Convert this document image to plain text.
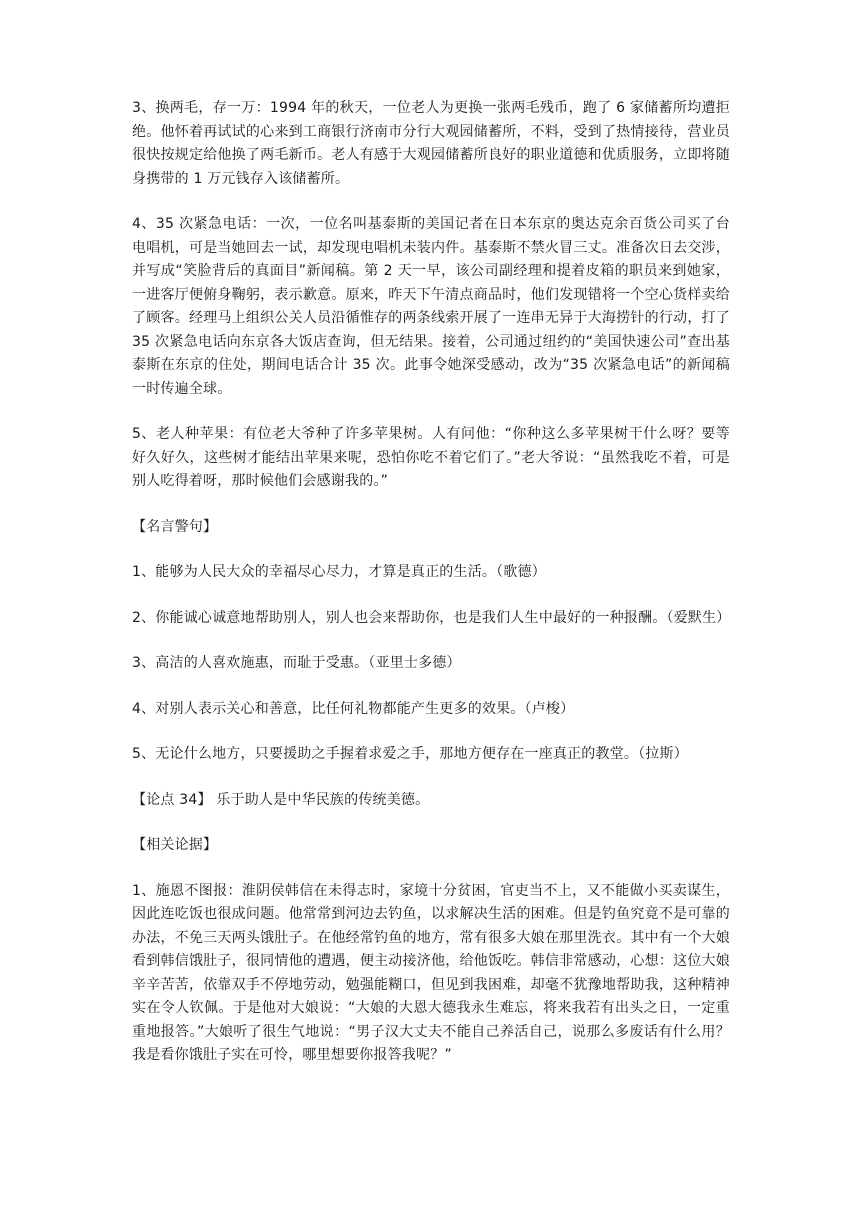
3、换两毛，存一万：1994 年的秋天，一位老人为更换一张两毛残币，跑了 6 家储蓄所均遭拒绝。他怀着再试试的心来到工商银行济南市分行大观园储蓄所，不料，受到了热情接待，营业员很快按规定给他换了两毛新币。老人有感于大观园储蓄所良好的职业道德和优质服务，立即将随身携带的 1 万元钱存入该储蓄所。

4、35 次紧急电话：一次，一位名叫基泰斯的美国记者在日本东京的奥达克余百货公司买了台电唱机，可是当她回去一试，却发现电唱机未装内件。基泰斯不禁火冒三丈。准备次日去交涉，并写成“笑脸背后的真面目”新闻稿。第 2 天一早，该公司副经理和提着皮箱的职员来到她家，一进客厅便俯身鞠躬，表示歉意。原来，昨天下午清点商品时，他们发现错将一个空心货样卖给了顾客。经理马上组织公关人员沿循惟存的两条线索开展了一连串无异于大海捞针的行动，打了 35 次紧急电话向东京各大饭店查询，但无结果。接着，公司通过纽约的“美国快速公司”查出基泰斯在东京的住处，期间电话合计 35 次。此事令她深受感动，改为“35 次紧急电话”的新闻稿一时传遍全球。

5、老人种苹果：有位老大爷种了许多苹果树。人有问他：“你种这么多苹果树干什么呀？要等好久好久，这些树才能结出苹果来呢，恐怕你吃不着它们了。”老大爷说：“虽然我吃不着，可是别人吃得着呀，那时候他们会感谢我的。”

【名言警句】

1、能够为人民大众的幸福尽心尽力，才算是真正的生活。（歌德）

2、你能诚心诚意地帮助別人，别人也会来帮助你，也是我们人生中最好的一种报酬。（爱默生）

3、高洁的人喜欢施惠，而耻于受惠。（亚里士多德）

4、对别人表示关心和善意，比任何礼物都能产生更多的效果。（卢梭）

5、无论什么地方，只要援助之手握着求爱之手，那地方便存在一座真正的教堂。（拉斯）

【论点 34】 乐于助人是中华民族的传统美德。

【相关论据】

1、施恩不图报：淮阴侯韩信在未得志时，家境十分贫困，官吏当不上，又不能做小买卖谋生，因此连吃饭也很成问题。他常常到河边去钓鱼，以求解决生活的困难。但是钓鱼究竟不是可靠的办法，不免三天两头饿肚子。在他经常钓鱼的地方，常有很多大娘在那里洗衣。其中有一个大娘看到韩信饿肚子，很同情他的遭遇，便主动接济他，给他饭吃。韩信非常感动，心想：这位大娘辛辛苦苦，依靠双手不停地劳动，勉强能糊口，但见到我困难，却毫不犹豫地帮助我，这种精神实在令人钦佩。于是他对大娘说：“大娘的大恩大德我永生难忘，将来我若有出头之日，一定重重地报答。”大娘听了很生气地说：“男子汉大丈夫不能自己养活自己，说那么多废话有什么用？我是看你饿肚子实在可怜，哪里想要你报答我呢？”
